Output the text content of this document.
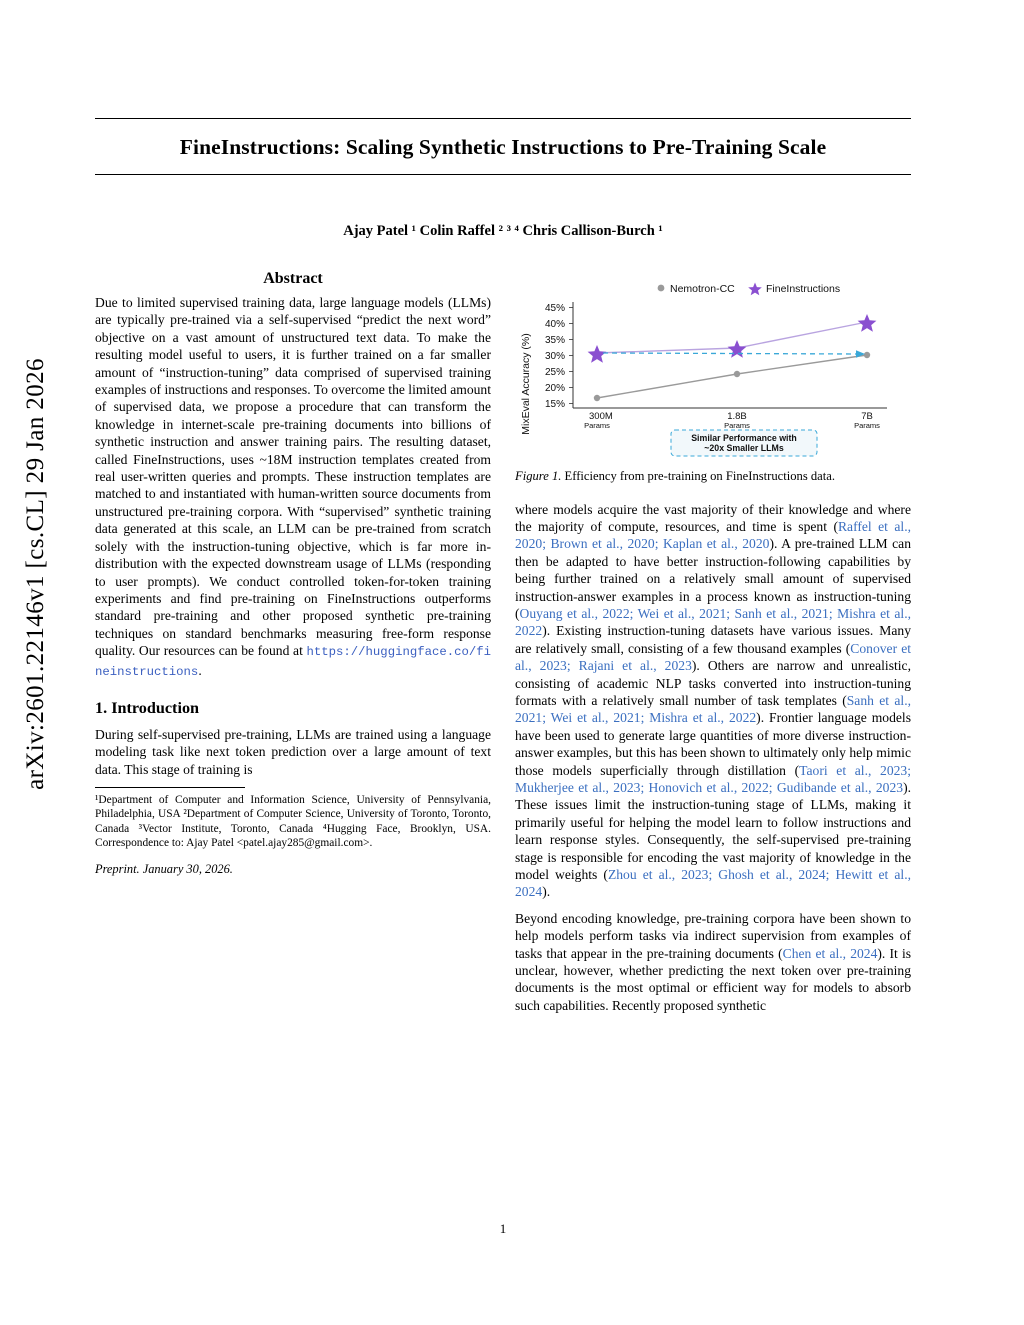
arXiv:2601.22146v1 [cs.CL] 29 Jan 2026
FineInstructions: Scaling Synthetic Instructions to Pre-Training Scale
Ajay Patel ¹ Colin Raffel ² ³ ⁴ Chris Callison-Burch ¹
Abstract

Due to limited supervised training data, large language models (LLMs) are typically pre-trained via a self-supervised “predict the next word” objective on a vast amount of unstructured text data. To make the resulting model useful to users, it is further trained on a far smaller amount of “instruction-tuning” data comprised of supervised training examples of instructions and responses. To overcome the limited amount of supervised data, we propose a procedure that can transform the knowledge in internet-scale pre-training documents into billions of synthetic instruction and answer training pairs. The resulting dataset, called FineInstructions, uses ~18M instruction templates created from real user-written queries and prompts. These instruction templates are matched to and instantiated with human-written source documents from unstructured pre-training corpora. With “supervised” synthetic training data generated at this scale, an LLM can be pre-trained from scratch solely with the instruction-tuning objective, which is far more in-distribution with the expected downstream usage of LLMs (responding to user prompts). We conduct controlled token-for-token training experiments and find pre-training on FineInstructions outperforms standard pre-training and other proposed synthetic pre-training techniques on standard benchmarks measuring free-form response quality. Our resources can be found at https://huggingface.co/fineinstructions.

1. Introduction

During self-supervised pre-training, LLMs are trained using a language modeling task like next token prediction over a large amount of text data. This stage of training is

¹Department of Computer and Information Science, University of Pennsylvania, Philadelphia, USA ²Department of Computer Science, University of Toronto, Toronto, Canada ³Vector Institute, Toronto, Canada ⁴Hugging Face, Brooklyn, USA. Correspondence to: Ajay Patel <patel.ajay285@gmail.com>.

Preprint. January 30, 2026.
Nemotron-CC	FineInstructions
MixEval Accuracy (%)
45%
40%
35%
30%
25%
20%
15%
300M	1.8B	7B
Params	Params	Params
Similar Performance with
~20x Smaller LLMs
Figure 1. Efficiency from pre-training on FineInstructions data.

where models acquire the vast majority of their knowledge and where the majority of compute, resources, and time is spent (Raffel et al., 2020; Brown et al., 2020; Kaplan et al., 2020). A pre-trained LLM can then be adapted to have better instruction-following capabilities by being further trained on a relatively small amount of supervised instruction-answer examples in a process known as instruction-tuning (Ouyang et al., 2022; Wei et al., 2021; Sanh et al., 2021; Mishra et al., 2022). Existing instruction-tuning datasets have various issues. Many are relatively small, consisting of a few thousand examples (Conover et al., 2023; Rajani et al., 2023). Others are narrow and unrealistic, consisting of academic NLP tasks converted into instruction-tuning formats with a relatively small number of task templates (Sanh et al., 2021; Wei et al., 2021; Mishra et al., 2022). Frontier language models have been used to generate large quantities of more diverse instruction-answer examples, but this has been shown to ultimately only help mimic those models superficially through distillation (Taori et al., 2023; Mukherjee et al., 2023; Honovich et al., 2022; Gudibande et al., 2023). These issues limit the instruction-tuning stage of LLMs, making it primarily useful for helping the model learn to follow instructions and learn response styles. Consequently, the self-supervised pre-training stage is responsible for encoding the vast majority of knowledge in the model weights (Zhou et al., 2023; Ghosh et al., 2024; Hewitt et al., 2024).

Beyond encoding knowledge, pre-training corpora have been shown to help models perform tasks via indirect supervision from examples of tasks that appear in the pre-training documents (Chen et al., 2024). It is unclear, however, whether predicting the next token over pre-training documents is the most optimal or efficient way for models to absorb such capabilities. Recently proposed synthetic

1
